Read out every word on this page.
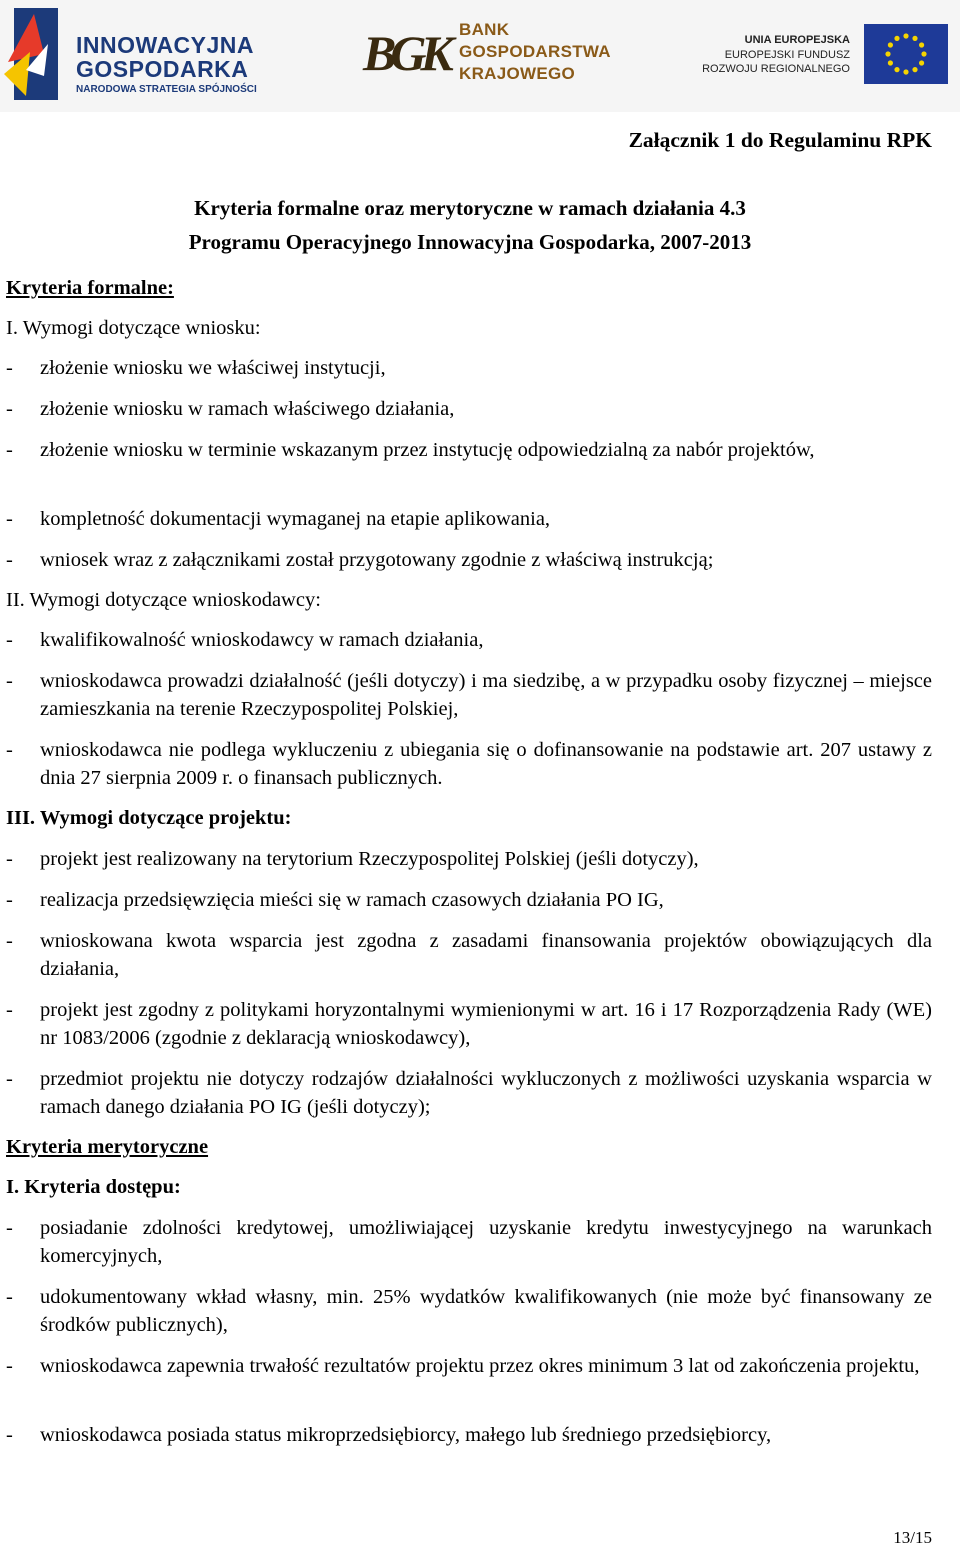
INNOWACYJNA
GOSPODARKA
NARODOWA STRATEGIA SPÓJNOŚCI
BGK BANK
GOSPODARSTWA
KRAJOWEGO
UNIA EUROPEJSKA
EUROPEJSKI FUNDUSZ
ROZWOJU REGIONALNEGO
Załącznik 1 do Regulaminu RPK
Kryteria formalne oraz merytoryczne w ramach działania 4.3
Programu Operacyjnego Innowacyjna Gospodarka, 2007-2013
Kryteria formalne:
I. Wymogi dotyczące wniosku:
- złożenie wniosku we właściwej instytucji,
- złożenie wniosku w ramach właściwego działania,
- złożenie wniosku w terminie wskazanym przez instytucję odpowiedzialną za nabór projektów,
- kompletność dokumentacji wymaganej na etapie aplikowania,
- wniosek wraz z załącznikami został przygotowany zgodnie z właściwą instrukcją;
II. Wymogi dotyczące wnioskodawcy:
- kwalifikowalność wnioskodawcy w ramach działania,
- wnioskodawca prowadzi działalność (jeśli dotyczy) i ma siedzibę, a w przypadku osoby fizycznej – miejsce zamieszkania na terenie Rzeczypospolitej Polskiej,
- wnioskodawca nie podlega wykluczeniu z ubiegania się o dofinansowanie na podstawie art. 207 ustawy z dnia 27 sierpnia 2009 r. o finansach publicznych.
III. Wymogi dotyczące projektu:
- projekt jest realizowany na terytorium Rzeczypospolitej Polskiej (jeśli dotyczy),
- realizacja przedsięwzięcia mieści się w ramach czasowych działania PO IG,
- wnioskowana kwota wsparcia jest zgodna z zasadami finansowania projektów obowiązujących dla działania,
- projekt jest zgodny z politykami horyzontalnymi wymienionymi w art. 16 i 17 Rozporządzenia Rady (WE) nr 1083/2006 (zgodnie z deklaracją wnioskodawcy),
- przedmiot projektu nie dotyczy rodzajów działalności wykluczonych z możliwości uzyskania wsparcia w ramach danego działania PO IG (jeśli dotyczy);
Kryteria merytoryczne
I. Kryteria dostępu:
- posiadanie zdolności kredytowej, umożliwiającej uzyskanie kredytu inwestycyjnego na warunkach komercyjnych,
- udokumentowany wkład własny, min. 25% wydatków kwalifikowanych (nie może być finansowany ze środków publicznych),
- wnioskodawca zapewnia trwałość rezultatów projektu przez okres minimum 3 lat od zakończenia projektu,
- wnioskodawca posiada status mikroprzedsiębiorcy, małego lub średniego przedsiębiorcy,
13/15
